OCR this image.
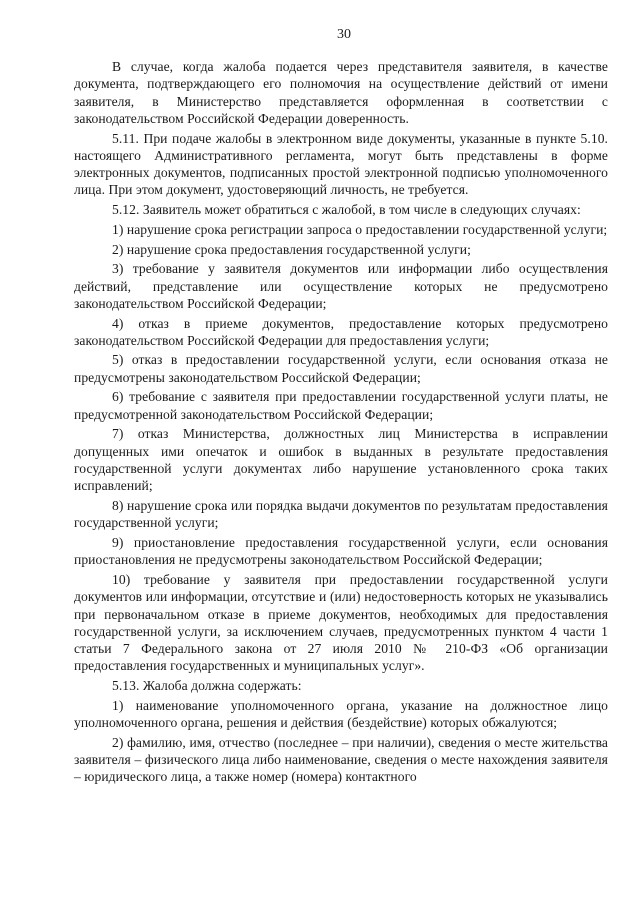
30

В случае, когда жалоба подается через представителя заявителя, в качестве документа, подтверждающего его полномочия на осуществление действий от имени заявителя, в Министерство представляется оформленная в соответствии с законодательством Российской Федерации доверенность.

5.11. При подаче жалобы в электронном виде документы, указанные в пункте 5.10. настоящего Административного регламента, могут быть представлены в форме электронных документов, подписанных простой электронной подписью уполномоченного лица. При этом документ, удостоверяющий личность, не требуется.

5.12. Заявитель может обратиться с жалобой, в том числе в следующих случаях:

1) нарушение срока регистрации запроса о предоставлении государственной услуги;

2) нарушение срока предоставления государственной услуги;

3) требование у заявителя документов или информации либо осуществления действий, представление или осуществление которых не предусмотрено законодательством Российской Федерации;

4) отказ в приеме документов, предоставление которых предусмотрено законодательством Российской Федерации для предоставления услуги;

5) отказ в предоставлении государственной услуги, если основания отказа не предусмотрены законодательством Российской Федерации;

6) требование с заявителя при предоставлении государственной услуги платы, не предусмотренной законодательством Российской Федерации;

7) отказ Министерства, должностных лиц Министерства в исправлении допущенных ими опечаток и ошибок в выданных в результате предоставления государственной услуги документах либо нарушение установленного срока таких исправлений;

8) нарушение срока или порядка выдачи документов по результатам предоставления государственной услуги;

9) приостановление предоставления государственной услуги, если основания приостановления не предусмотрены законодательством Российской Федерации;

10) требование у заявителя при предоставлении государственной услуги документов или информации, отсутствие и (или) недостоверность которых не указывались при первоначальном отказе в приеме документов, необходимых для предоставления государственной услуги, за исключением случаев, предусмотренных пунктом 4 части 1 статьи 7 Федерального закона от 27 июля 2010 № 210-ФЗ «Об организации предоставления государственных и муниципальных услуг».

5.13. Жалоба должна содержать:

1) наименование уполномоченного органа, указание на должностное лицо уполномоченного органа, решения и действия (бездействие) которых обжалуются;

2) фамилию, имя, отчество (последнее – при наличии), сведения о месте жительства заявителя – физического лица либо наименование, сведения о месте нахождения заявителя – юридического лица, а также номер (номера) контактного
